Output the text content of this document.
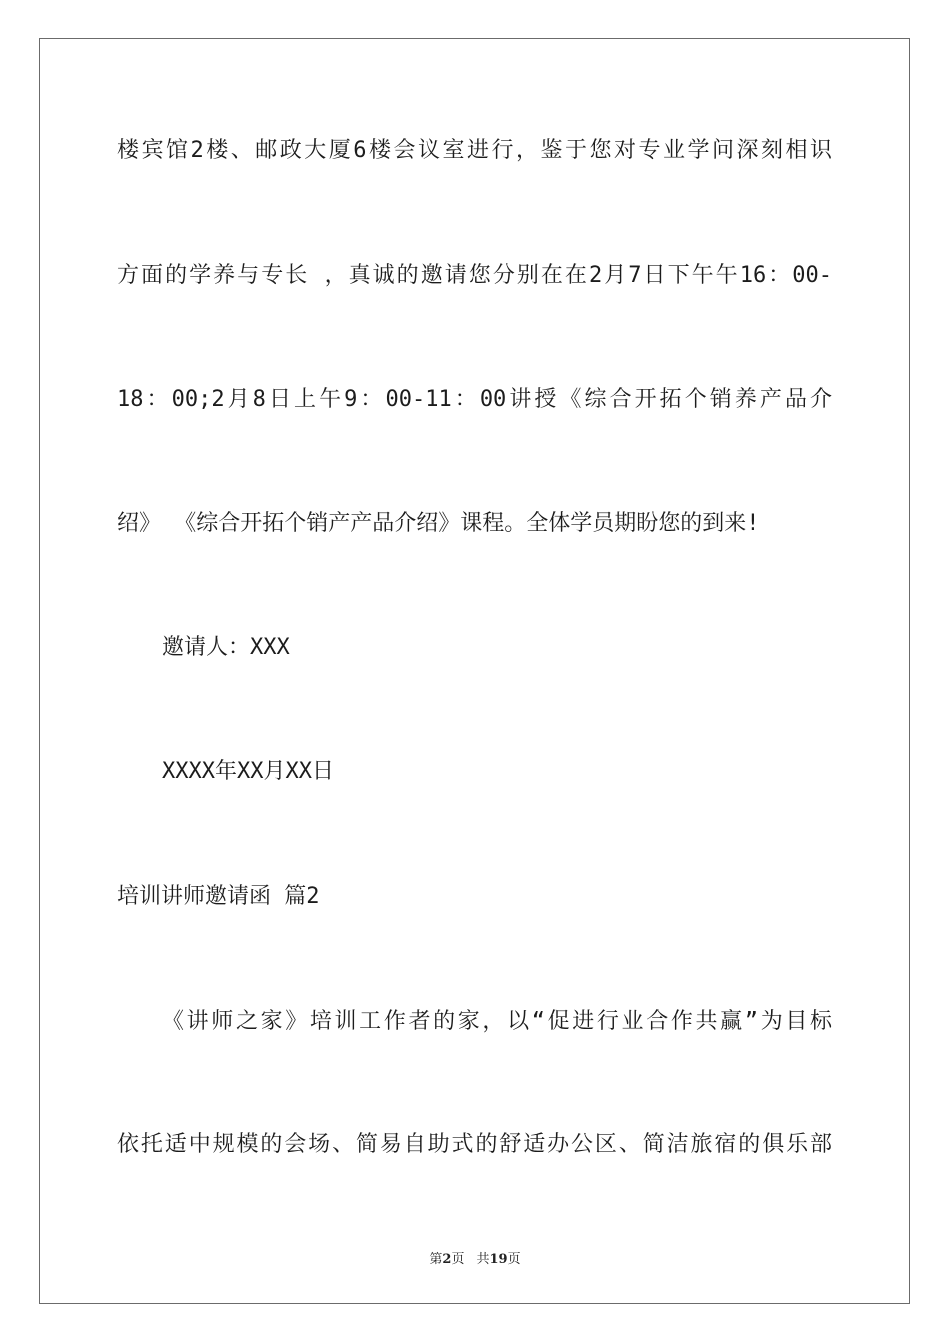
楼宾馆2楼、邮政大厦6楼会议室进行，鉴于您对专业学问深刻相识
方面的学养与专长 ，真诚的邀请您分别在在2月7日下午午16：00-
18：00;2月8日上午9：00-11：00讲授《综合开拓个销养产品介
绍》 《综合开拓个销产产品介绍》课程。全体学员期盼您的到来!
邀请人：XXX
XXXX年XX月XX日
培训讲师邀请函 篇2
《讲师之家》培训工作者的家，以“促进行业合作共赢”为目标
依托适中规模的会场、简易自助式的舒适办公区、简洁旅宿的俱乐部
第2页 共19页
